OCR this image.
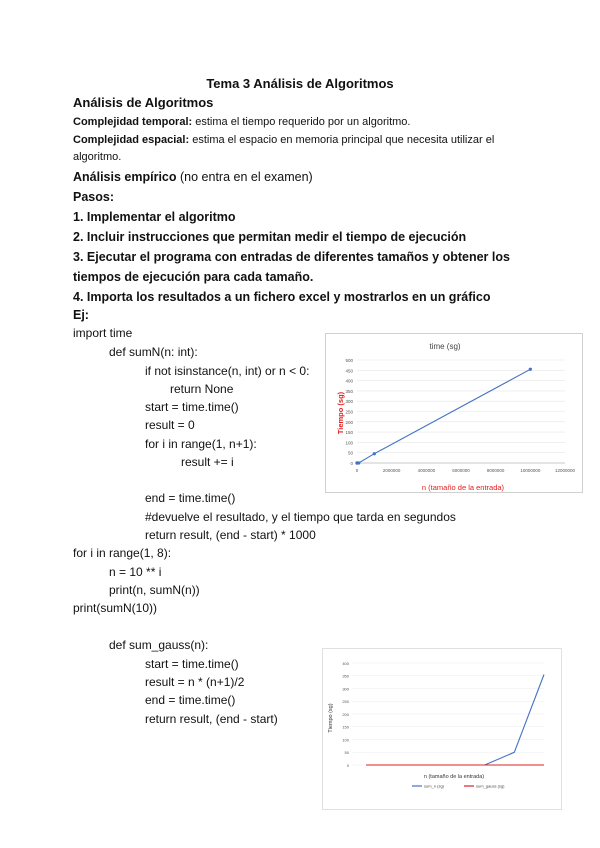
Tema 3 Análisis de Algoritmos
Análisis de Algoritmos
Complejidad temporal: estima el tiempo requerido por un algoritmo.
Complejidad espacial: estima el espacio en memoria principal que necesita utilizar el
algoritmo.
Análisis empírico (no entra en el examen)
Pasos:
1. Implementar el algoritmo
2. Incluir instrucciones que permitan medir el tiempo de ejecución
3. Ejecutar el programa con entradas de diferentes tamaños y obtener los
tiempos de ejecución para cada tamaño.
4. Importa los resultados a un fichero excel y mostrarlos en un gráfico
Ej:
import time
def sumN(n: int):
if not isinstance(n, int) or n < 0:
return None
start = time.time()
result = 0
for i in range(1, n+1):
result += i
end = time.time()
#devuelve el resultado, y el tiempo que tarda en segundos
return result, (end - start) * 1000
for i in range(1, 8):
n = 10 ** i
print(n, sumN(n))
print(sumN(10))
def sum_gauss(n):
start = time.time()
result = n * (n+1)/2
end = time.time()
return result, (end - start)
time (sg)
Tiempo (sg)
n (tamaño de la entrada)
0
50
100
150
200
250
300
350
400
450
500
0	2000000	4000000	6000000	8000000	10000000	12000000
Tiempo (sg)
n (tamaño de la entrada)
0
50
100
150
200
250
300
350
400
sum_n (sg)	sum_gauss (sg)
